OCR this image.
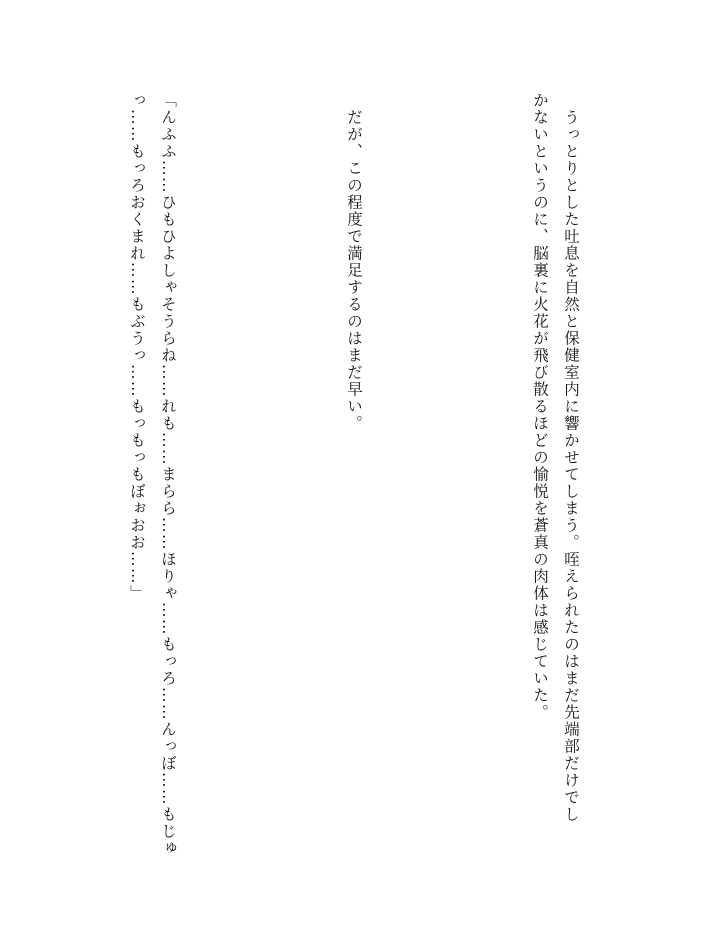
　うっとりとした吐息を自然と保健室内に響かせてしまう。咥えられたのはまだ先端部だけでし
かないというのに、脳裏に火花が飛び散るほどの愉悦を蒼真の肉体は感じていた。

　だが、この程度で満足するのはまだ早い。

「んふふ……ひもひよしゃそうらね……れも……まらら……ほりゃ……もっろ……んっぼ……もじゅ
っ……もっろおくまれ……もぶうっ……もっもっもぼぉおお……」
